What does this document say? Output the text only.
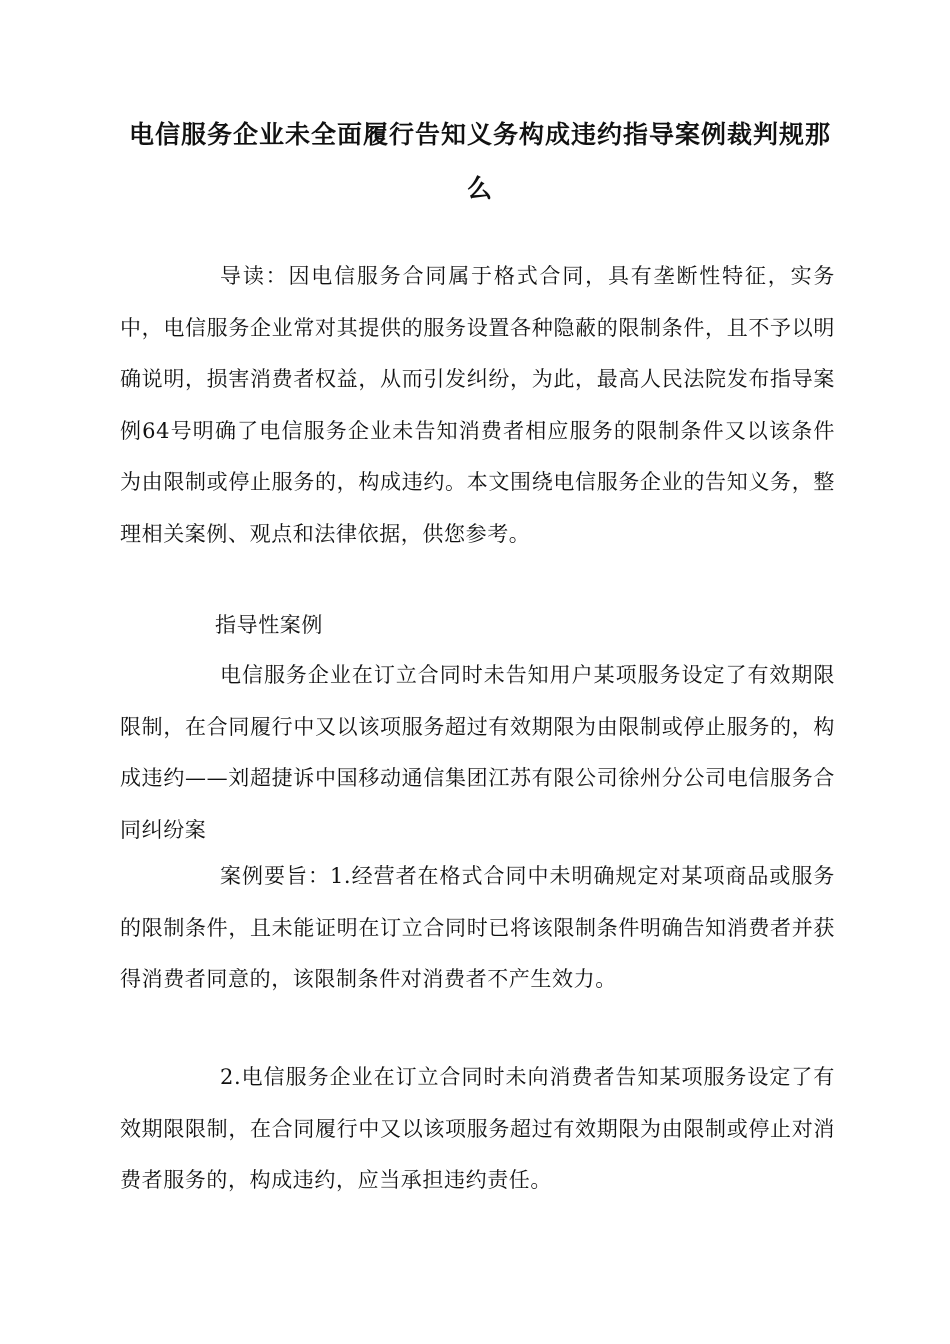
电信服务企业未全面履行告知义务构成违约指导案例裁判规那么

导读：因电信服务合同属于格式合同，具有垄断性特征，实务中，电信服务企业常对其提供的服务设置各种隐蔽的限制条件，且不予以明确说明，损害消费者权益，从而引发纠纷，为此，最高人民法院发布指导案例64号明确了电信服务企业未告知消费者相应服务的限制条件又以该条件为由限制或停止服务的，构成违约。本文围绕电信服务企业的告知义务，整理相关案例、观点和法律依据，供您参考。

指导性案例

电信服务企业在订立合同时未告知用户某项服务设定了有效期限限制，在合同履行中又以该项服务超过有效期限为由限制或停止服务的，构成违约——刘超捷诉中国移动通信集团江苏有限公司徐州分公司电信服务合同纠纷案

案例要旨：1.经营者在格式合同中未明确规定对某项商品或服务的限制条件，且未能证明在订立合同时已将该限制条件明确告知消费者并获得消费者同意的，该限制条件对消费者不产生效力。

2.电信服务企业在订立合同时未向消费者告知某项服务设定了有效期限限制，在合同履行中又以该项服务超过有效期限为由限制或停止对消费者服务的，构成违约，应当承担违约责任。
